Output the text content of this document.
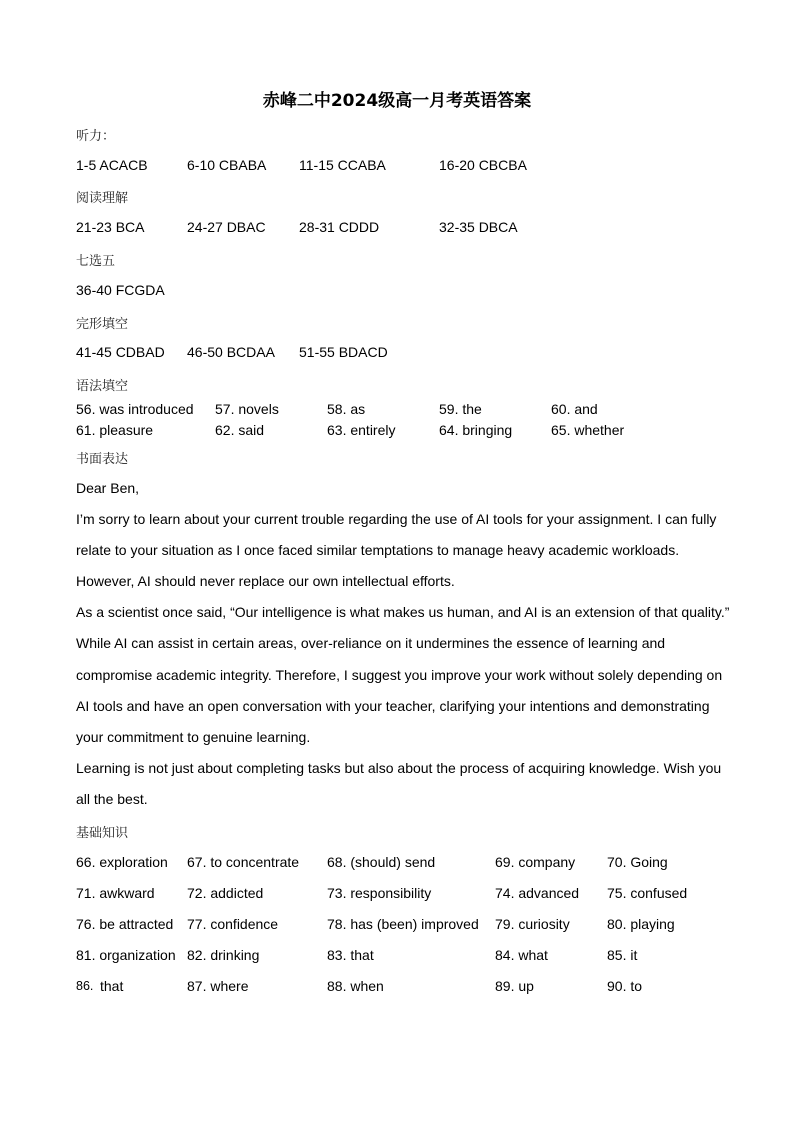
赤峰二中2024级高一月考英语答案
听力：
1-5 ACACB	6-10 CBABA 11-15 CCABA	16-20 CBCBA
阅读理解
21-23 BCA	24-27 DBAC 28-31 CDDD	32-35 DBCA
七选五
36-40 FCGDA
完形填空
41-45 CDBAD 46-50 BCDAA 51-55 BDACD
语法填空
56. was introduced 57. novels	58. as	59. the	60. and
61. pleasure	62. said	63. entirely	64. bringing	65. whether
书面表达
Dear Ben,
I’m sorry to learn about your current trouble regarding the use of AI tools for your assignment. I can fully
relate to your situation as I once faced similar temptations to manage heavy academic workloads.
However, AI should never replace our own intellectual efforts.
As a scientist once said, “Our intelligence is what makes us human, and AI is an extension of that quality.”
While AI can assist in certain areas, over-reliance on it undermines the essence of learning and
compromise academic integrity. Therefore, I suggest you improve your work without solely depending on
AI tools and have an open conversation with your teacher, clarifying your intentions and demonstrating
your commitment to genuine learning.
Learning is not just about completing tasks but also about the process of acquiring knowledge. Wish you
all the best.
基础知识
66. exploration 67. to concentrate 68. (should) send	69. company 70. Going
71. awkward 72. addicted	73. responsibility	74. advanced 75. confused
76. be attracted 77. confidence	78. has (been) improved 79. curiosity	80. playing
81. organization 82. drinking	83. that	84. what	85. it
86. that	87. where	88. when	89. up	90. to
